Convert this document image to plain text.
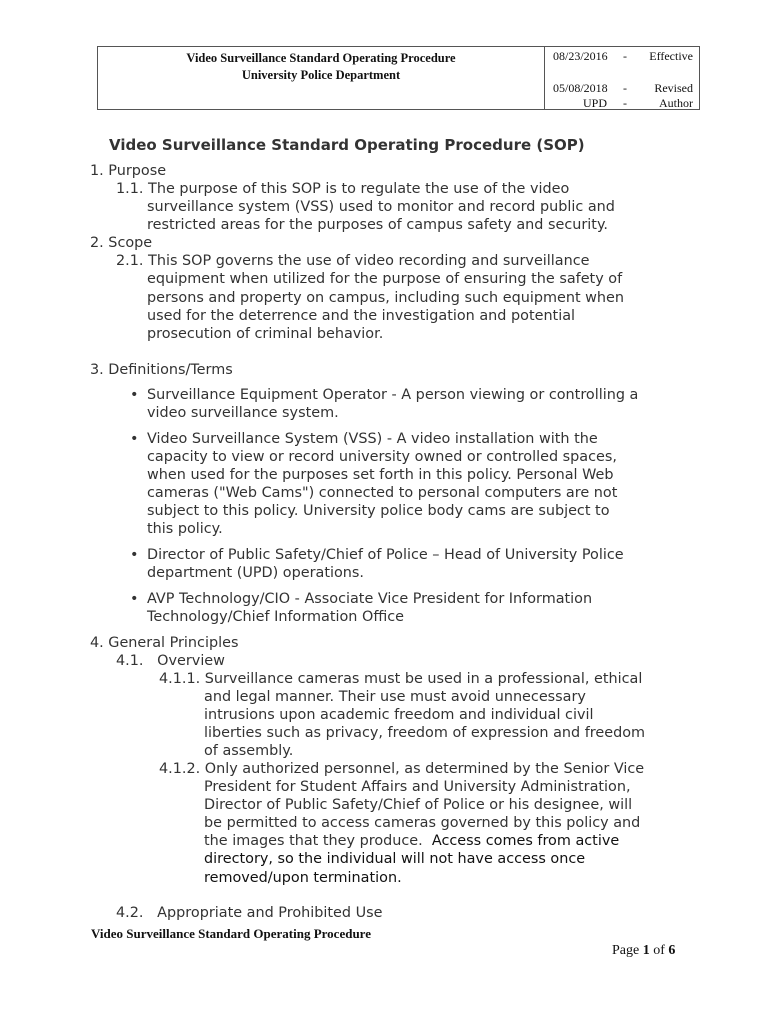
Video Surveillance Standard Operating Procedure
University Police Department
08/23/2016 - Effective
05/08/2018 - Revised
UPD -	Author
Video Surveillance Standard Operating Procedure (SOP)
1. Purpose
1.1. The purpose of this SOP is to regulate the use of the video
surveillance system (VSS) used to monitor and record public and
restricted areas for the purposes of campus safety and security.
2. Scope
2.1. This SOP governs the use of video recording and surveillance
equipment when utilized for the purpose of ensuring the safety of
persons and property on campus, including such equipment when
used for the deterrence and the investigation and potential
prosecution of criminal behavior.
3. Definitions/Terms
• Surveillance Equipment Operator - A person viewing or controlling a
video surveillance system.
• Video Surveillance System (VSS) - A video installation with the
capacity to view or record university owned or controlled spaces,
when used for the purposes set forth in this policy. Personal Web
cameras ("Web Cams") connected to personal computers are not
subject to this policy. University police body cams are subject to
this policy.
• Director of Public Safety/Chief of Police – Head of University Police
department (UPD) operations.
• AVP Technology/CIO - Associate Vice President for Information
Technology/Chief Information Office
4. General Principles
4.1.   Overview
4.1.1. Surveillance cameras must be used in a professional, ethical
and legal manner. Their use must avoid unnecessary
intrusions upon academic freedom and individual civil
liberties such as privacy, freedom of expression and freedom
of assembly.
4.1.2. Only authorized personnel, as determined by the Senior Vice
President for Student Affairs and University Administration,
Director of Public Safety/Chief of Police or his designee, will
be permitted to access cameras governed by this policy and
the images that they produce. Access comes from active
directory, so the individual will not have access once
removed/upon termination.
4.2.   Appropriate and Prohibited Use
Video Surveillance Standard Operating Procedure
Page 1 of 6
